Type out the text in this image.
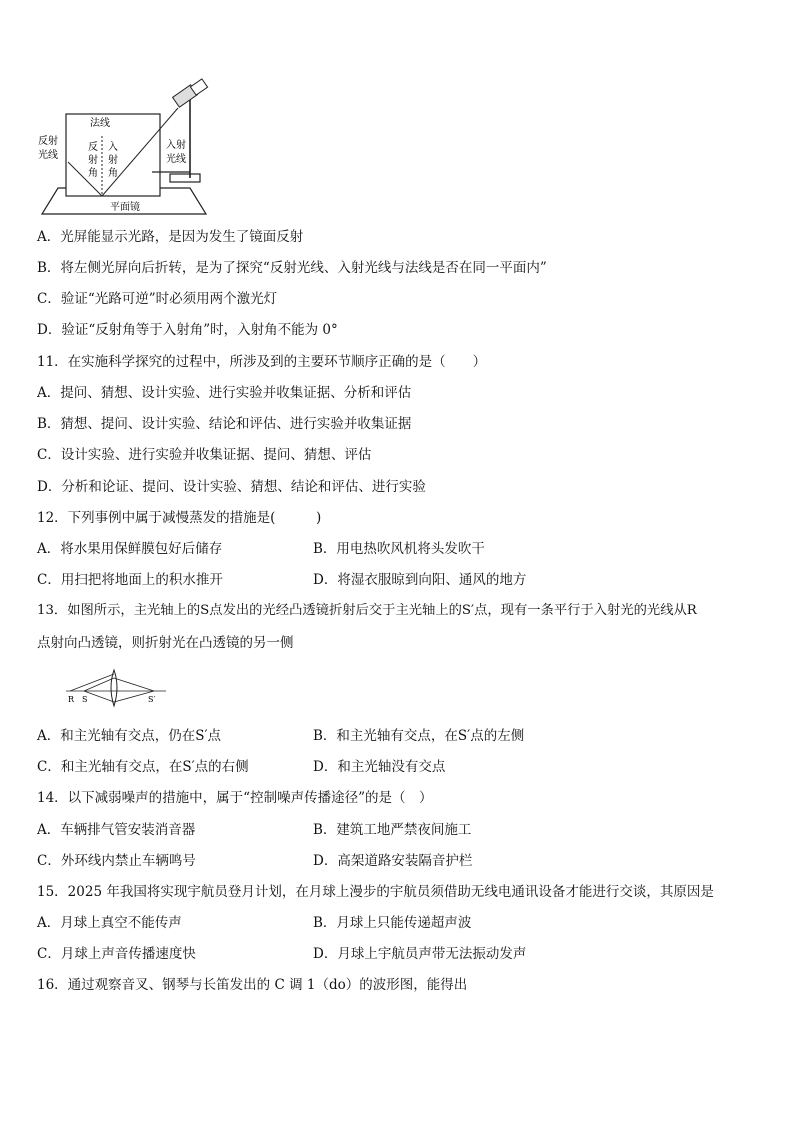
法线
反射
光线
反
射
角
入
射
角
入射
光线
平面镜
A．光屏能显示光路，是因为发生了镜面反射
B．将左侧光屏向后折转，是为了探究“反射光线、入射光线与法线是否在同一平面内”
C．验证“光路可逆”时必须用两个激光灯
D．验证“反射角等于入射角”时，入射角不能为 0°
11．在实施科学探究的过程中，所涉及到的主要环节顺序正确的是（　　）
A．提问、猜想、设计实验、进行实验并收集证据、分析和评估
B．猜想、提问、设计实验、结论和评估、进行实验并收集证据
C．设计实验、进行实验并收集证据、提问、猜想、评估
D．分析和论证、提问、设计实验、猜想、结论和评估、进行实验
12．下列事例中属于减慢蒸发的措施是(　　　)
A．将水果用保鲜膜包好后储存	B．用电热吹风机将头发吹干
C．用扫把将地面上的积水推开	D．将湿衣服晾到向阳、通风的地方
13．如图所示，主光轴上的S点发出的光经凸透镜折射后交于主光轴上的S′点，现有一条平行于入射光的光线从R
点射向凸透镜，则折射光在凸透镜的另一侧
R S	S′
A．和主光轴有交点，仍在S′点	B．和主光轴有交点，在S′点的左侧
C．和主光轴有交点，在S′点的右侧	D．和主光轴没有交点
14．以下减弱噪声的措施中，属于“控制噪声传播途径”的是（　）
A．车辆排气管安装消音器	B．建筑工地严禁夜间施工
C．外环线内禁止车辆鸣号	D．高架道路安装隔音护栏
15．2025 年我国将实现宇航员登月计划，在月球上漫步的宇航员须借助无线电通讯设备才能进行交谈，其原因是
A．月球上真空不能传声	B．月球上只能传递超声波
C．月球上声音传播速度快	D．月球上宇航员声带无法振动发声
16．通过观察音叉、钢琴与长笛发出的 C 调 1（do）的波形图，能得出
